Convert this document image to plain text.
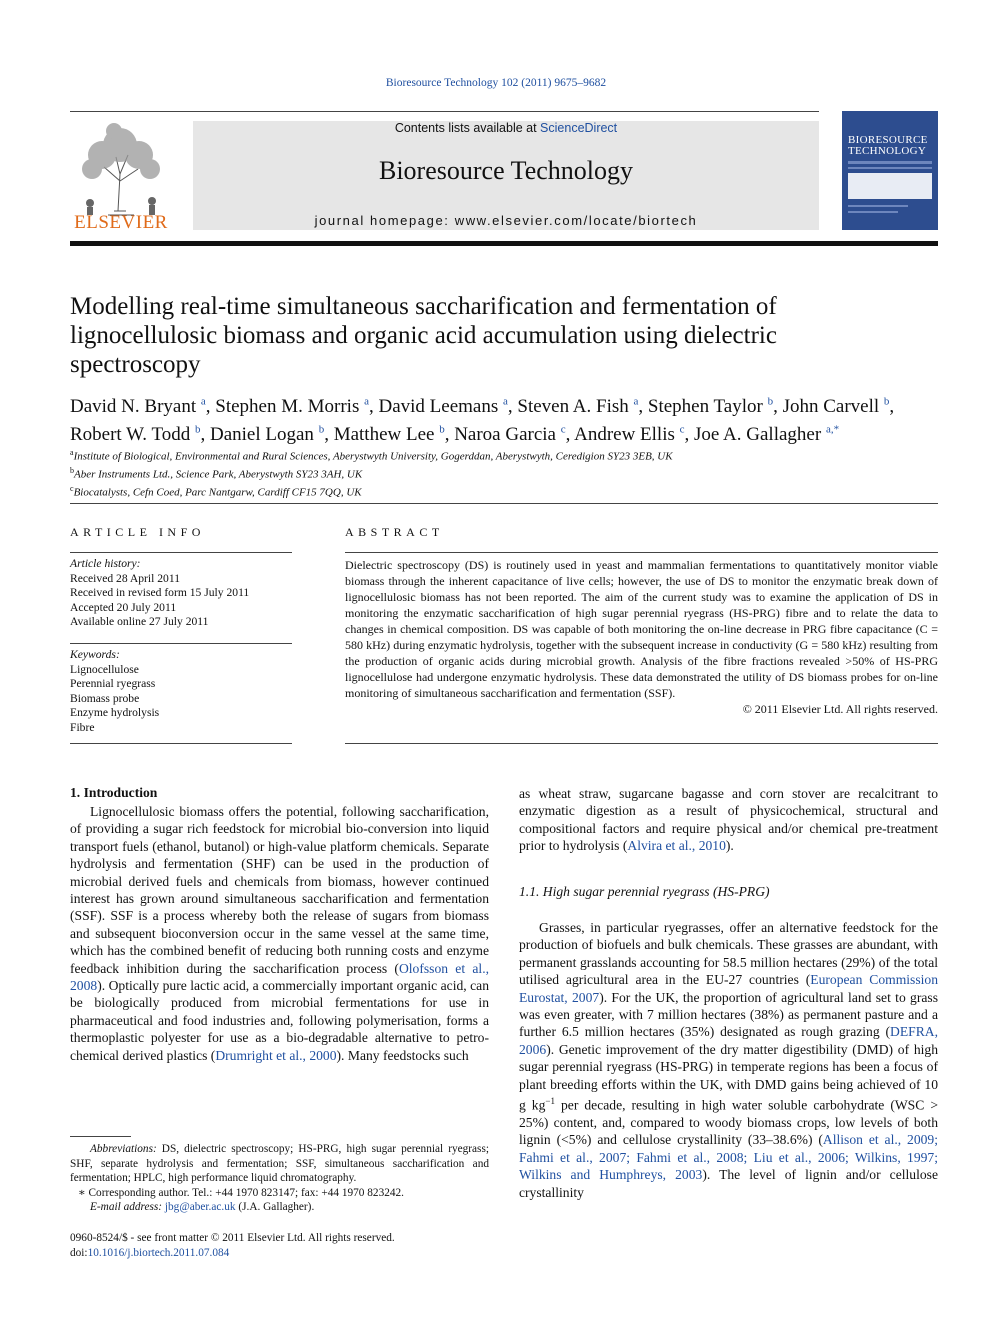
Bioresource Technology 102 (2011) 9675–9682
ELSEVIER
Contents lists available at ScienceDirect
Bioresource Technology
journal homepage: www.elsevier.com/locate/biortech
BIORESOURCE
TECHNOLOGY
Modelling real-time simultaneous saccharification and fermentation of lignocellulosic biomass and organic acid accumulation using dielectric spectroscopy
David N. Bryant $^a$, Stephen M. Morris $^a$, David Leemans $^a$, Steven A. Fish $^a$, Stephen Taylor $^b$, John Carvell $^b$, Robert W. Todd $^b$, Daniel Logan $^b$, Matthew Lee $^b$, Naroa Garcia $^c$, Andrew Ellis $^c$, Joe A. Gallagher $^{a,*}$
$^a$Institute of Biological, Environmental and Rural Sciences, Aberystwyth University, Gogerddan, Aberystwyth, Ceredigion SY23 3EB, UK
$^b$Aber Instruments Ltd., Science Park, Aberystwyth SY23 3AH, UK
$^c$Biocatalysts, Cefn Coed, Parc Nantgarw, Cardiff CF15 7QQ, UK
ARTICLE INFO
Article history:
Received 28 April 2011
Received in revised form 15 July 2011
Accepted 20 July 2011
Available online 27 July 2011
Keywords:
Lignocellulose
Perennial ryegrass
Biomass probe
Enzyme hydrolysis
Fibre
ABSTRACT
Dielectric spectroscopy (DS) is routinely used in yeast and mammalian fermentations to quantitatively monitor viable biomass through the inherent capacitance of live cells; however, the use of DS to monitor the enzymatic break down of lignocellulosic biomass has not been reported. The aim of the current study was to examine the application of DS in monitoring the enzymatic saccharification of high sugar perennial ryegrass (HS-PRG) fibre and to relate the data to changes in chemical composition. DS was capable of both monitoring the on-line decrease in PRG fibre capacitance (C = 580 kHz) during enzymatic hydrolysis, together with the subsequent increase in conductivity (G = 580 kHz) resulting from the production of organic acids during microbial growth. Analysis of the fibre fractions revealed >50% of HS-PRG lignocellulose had undergone enzymatic hydrolysis. These data demonstrated the utility of DS biomass probes for on-line monitoring of simultaneous saccharification and fermentation (SSF).
© 2011 Elsevier Ltd. All rights reserved.
1. Introduction
Lignocellulosic biomass offers the potential, following saccharification, of providing a sugar rich feedstock for microbial bio-conversion into liquid transport fuels (ethanol, butanol) or high-value platform chemicals. Separate hydrolysis and fermentation (SHF) can be used in the production of microbial derived fuels and chemicals from biomass, however continued interest has grown around simultaneous saccharification and fermentation (SSF). SSF is a process whereby both the release of sugars from biomass and subsequent bioconversion occur in the same vessel at the same time, which has the combined benefit of reducing both running costs and enzyme feedback inhibition during the saccharification process (Olofsson et al., 2008). Optically pure lactic acid, a commercially important organic acid, can be biologically produced from microbial fermentations for use in pharmaceutical and food industries and, following polymerisation, forms a thermoplastic polyester for use as a bio-degradable alternative to petro-chemical derived plastics (Drumright et al., 2000). Many feedstocks such
as wheat straw, sugarcane bagasse and corn stover are recalcitrant to enzymatic digestion as a result of physicochemical, structural and compositional factors and require physical and/or chemical pre-treatment prior to hydrolysis (Alvira et al., 2010).
1.1. High sugar perennial ryegrass (HS-PRG)
Grasses, in particular ryegrasses, offer an alternative feedstock for the production of biofuels and bulk chemicals. These grasses are abundant, with permanent grasslands accounting for 58.5 million hectares (29%) of the total utilised agricultural area in the EU-27 countries (European Commission Eurostat, 2007). For the UK, the proportion of agricultural land set to grass was even greater, with 7 million hectares (38%) as permanent pasture and a further 6.5 million hectares (35%) designated as rough grazing (DEFRA, 2006). Genetic improvement of the dry matter digestibility (DMD) of high sugar perennial ryegrass (HS-PRG) in temperate regions has been a focus of plant breeding efforts within the UK, with DMD gains being achieved of 10 g $kg^{-1}$ per decade, resulting in high water soluble carbohydrate (WSC > 25%) content, and, compared to woody biomass crops, low levels of both lignin (<5%) and cellulose crystallinity (33–38.6%) (Allison et al., 2009; Fahmi et al., 2007; Fahmi et al., 2008; Liu et al., 2006; Wilkins, 1997; Wilkins and Humphreys, 2003). The level of lignin and/or cellulose crystallinity
Abbreviations: DS, dielectric spectroscopy; HS-PRG, high sugar perennial ryegrass; SHF, separate hydrolysis and fermentation; SSF, simultaneous saccharification and fermentation; HPLC, high performance liquid chromatography.
∗ Corresponding author. Tel.: +44 1970 823147; fax: +44 1970 823242.
E-mail address: jbg@aber.ac.uk (J.A. Gallagher).
0960-8524/$ - see front matter © 2011 Elsevier Ltd. All rights reserved.
doi:10.1016/j.biortech.2011.07.084
